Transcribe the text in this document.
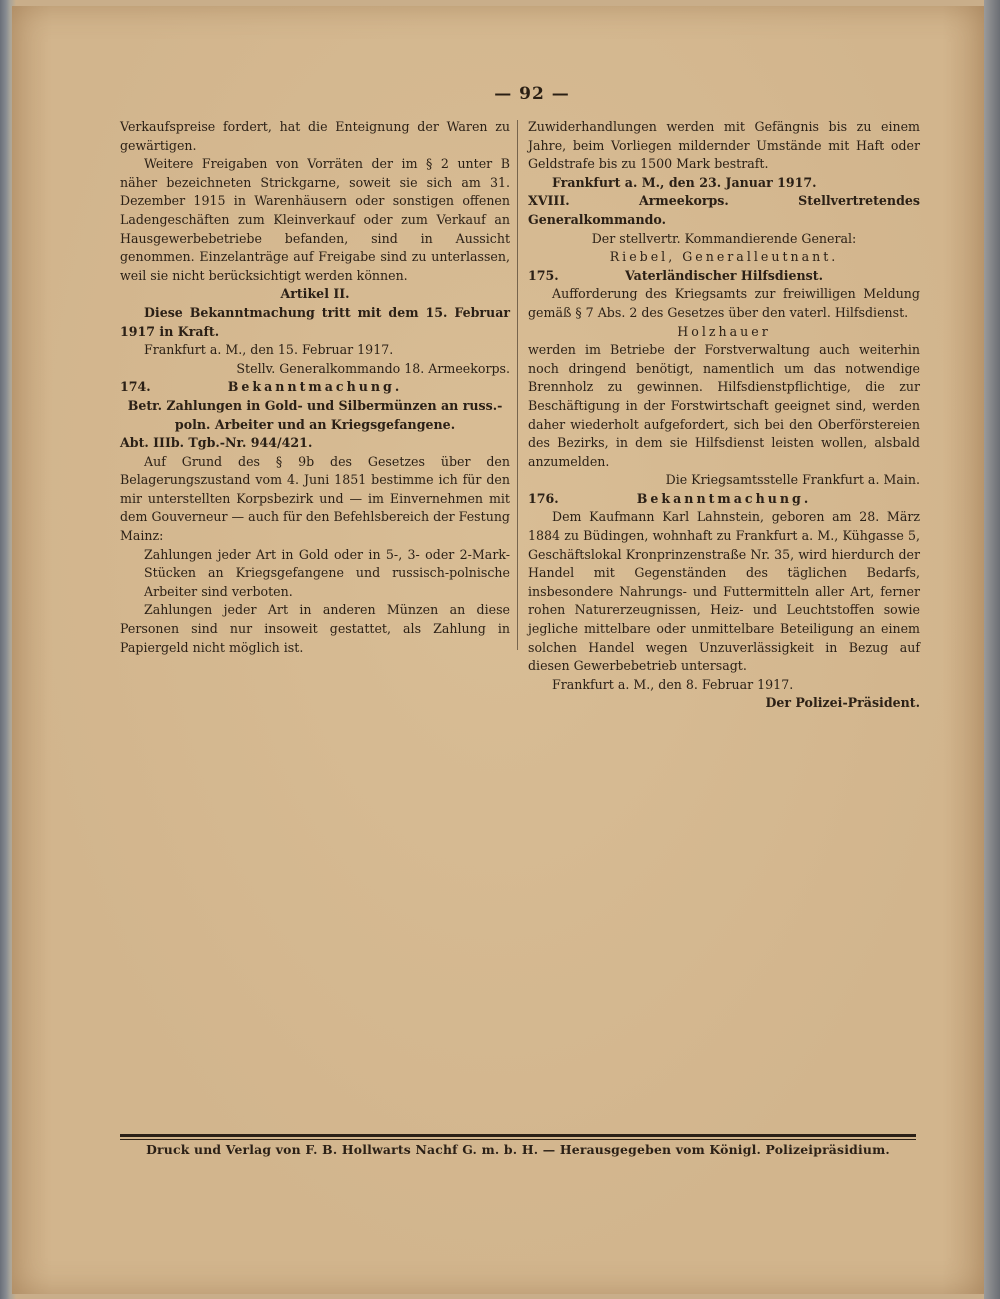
— 92 —

Verkaufspreise fordert, hat die Enteignung der Waren zu gewärtigen.

Weitere Freigaben von Vorräten der im § 2 unter B näher bezeichneten Strickgarne, soweit sie sich am 31. Dezember 1915 in Warenhäusern oder sonstigen offenen Ladengeschäften zum Kleinverkauf oder zum Verkauf an Hausgewerbebetriebe befanden, sind in Aussicht genommen. Einzelanträge auf Freigabe sind zu unterlassen, weil sie nicht berücksichtigt werden können.

Artikel II.

Diese Bekanntmachung tritt mit dem 15. Februar 1917 in Kraft.

Frankfurt a. M., den 15. Februar 1917.

Stellv. Generalkommando 18. Armeekorps.

174.	Bekanntmachung.

Betr. Zahlungen in Gold- und Silbermünzen an russ.-poln. Arbeiter und an Kriegsgefangene.

Abt. IIIb. Tgb.-Nr. 944/421.

Auf Grund des § 9b des Gesetzes über den Belagerungszustand vom 4. Juni 1851 bestimme ich für den mir unterstellten Korpsbezirk und — im Einvernehmen mit dem Gouverneur — auch für den Befehlsbereich der Festung Mainz:

Zahlungen jeder Art in Gold oder in 5-, 3- oder 2-Mark-Stücken an Kriegsgefangene und russisch-polnische Arbeiter sind verboten.

Zahlungen jeder Art in anderen Münzen an diese Personen sind nur insoweit gestattet, als Zahlung in Papiergeld nicht möglich ist.

Zuwiderhandlungen werden mit Gefängnis bis zu einem Jahre, beim Vorliegen mildernder Umstände mit Haft oder Geldstrafe bis zu 1500 Mark bestraft.

Frankfurt a. M., den 23. Januar 1917.

XVIII. Armeekorps. Stellvertretendes Generalkommando.

Der stellvertr. Kommandierende General:

Riebel, Generalleutnant.

175.	Vaterländischer Hilfsdienst.

Aufforderung des Kriegsamts zur freiwilligen Meldung gemäß § 7 Abs. 2 des Gesetzes über den vaterl. Hilfsdienst.

Holzhauer

werden im Betriebe der Forstverwaltung auch weiterhin noch dringend benötigt, namentlich um das notwendige Brennholz zu gewinnen. Hilfsdienstpflichtige, die zur Beschäftigung in der Forstwirtschaft geeignet sind, werden daher wiederholt aufgefordert, sich bei den Oberförstereien des Bezirks, in dem sie Hilfsdienst leisten wollen, alsbald anzumelden.

Die Kriegsamtsstelle Frankfurt a. Main.

176.	Bekanntmachung.

Dem Kaufmann Karl Lahnstein, geboren am 28. März 1884 zu Büdingen, wohnhaft zu Frankfurt a. M., Kühgasse 5, Geschäftslokal Kronprinzenstraße Nr. 35, wird hierdurch der Handel mit Gegenständen des täglichen Bedarfs, insbesondere Nahrungs- und Futtermitteln aller Art, ferner rohen Naturerzeugnissen, Heiz- und Leuchtstoffen sowie jegliche mittelbare oder unmittelbare Beteiligung an einem solchen Handel wegen Unzuverlässigkeit in Bezug auf diesen Gewerbebetrieb untersagt.

Frankfurt a. M., den 8. Februar 1917.

Der Polizei-Präsident.

Druck und Verlag von F. B. Hollwarts Nachf G. m. b. H. — Herausgegeben vom Königl. Polizeipräsidium.
